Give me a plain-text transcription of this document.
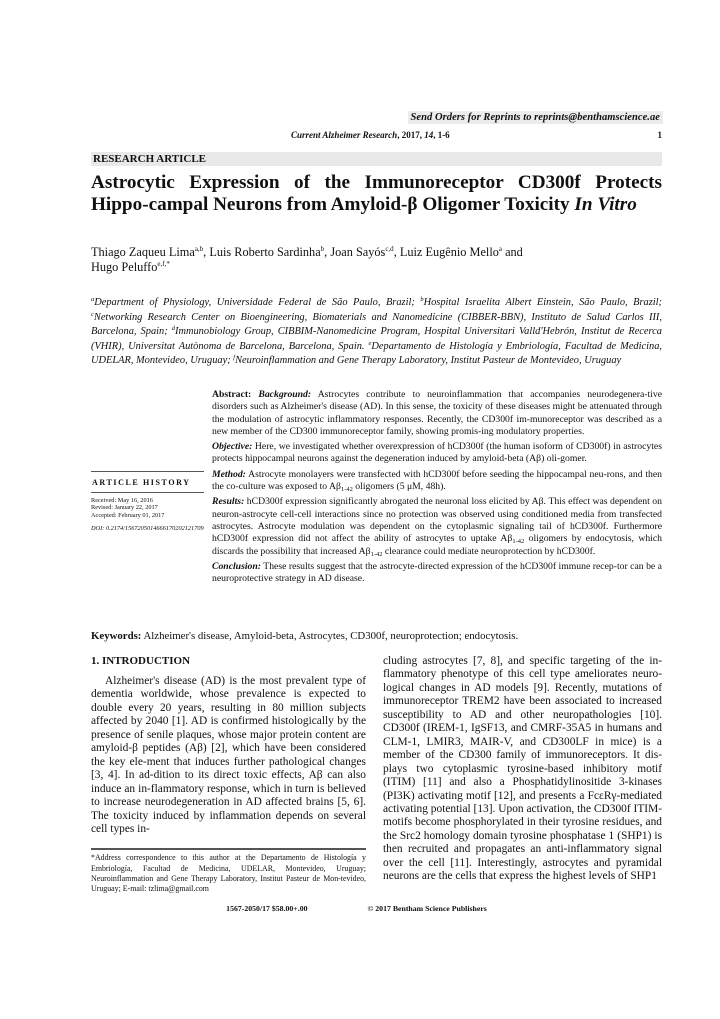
Send Orders for Reprints to reprints@benthamscience.ae
Current Alzheimer Research, 2017, 14, 1-6	1
RESEARCH ARTICLE
Astrocytic Expression of the Immunoreceptor CD300f Protects Hippo-campal Neurons from Amyloid-β Oligomer Toxicity In Vitro
Thiago Zaqueu Lima$^{a,b}$, Luis Roberto Sardinha$^b$, Joan Sayós$^{c,d}$, Luiz Eugênio Mello$^a$ and
Hugo Peluffo$^{e,f,*}$
$^a$Department of Physiology, Universidade Federal de São Paulo, Brazil; $^b$Hospital Israelita Albert Einstein, São Paulo, Brazil; $^c$Networking Research Center on Bioengineering, Biomaterials and Nanomedicine (CIBBER-BBN), Instituto de Salud Carlos III, Barcelona, Spain; $^d$Immunobiology Group, CIBBIM-Nanomedicine Program, Hospital Universitari Valld'Hebrón, Institut de Recerca (VHIR), Universitat Autònoma de Barcelona, Barcelona, Spain. $^e$Departamento de Histología y Embriología, Facultad de Medicina, UDELAR, Montevideo, Uruguay; $^f$Neuroinflammation and Gene Therapy Laboratory, Institut Pasteur de Montevideo, Uruguay
ARTICLE HISTORY
Received: May 16, 2016
Revised: January 22, 2017
Accepted: February 01, 2017
DOI: 0.2174/1567205014666170202121709

Abstract: Background: Astrocytes contribute to neuroinflammation that accompanies neurodegenera-tive disorders such as Alzheimer's disease (AD). In this sense, the toxicity of these diseases might be attenuated through the modulation of astrocytic inflammatory responses. Recently, the CD300f im-munoreceptor was described as a new member of the CD300 immunoreceptor family, showing promis-ing modulatory properties.

Objective: Here, we investigated whether overexpression of hCD300f (the human isoform of CD300f) in astrocytes protects hippocampal neurons against the degeneration induced by amyloid-beta (Aβ) oli-gomer.

Method: Astrocyte monolayers were transfected with hCD300f before seeding the hippocampal neu-rons, and then the co-culture was exposed to $A\beta_{1-42}$ oligomers (5 μM, 48h).

Results: hCD300f expression significantly abrogated the neuronal loss elicited by Aβ. This effect was dependent on neuron-astrocyte cell-cell interactions since no protection was observed using conditioned media from transfected astrocytes. Astrocyte modulation was dependent on the cytoplasmic signaling tail of hCD300f. Furthermore hCD300f expression did not affect the ability of astrocytes to uptake $A\beta_{1-42}$ oligomers by endocytosis, which discards the possibility that increased $A\beta_{1-42}$ clearance could mediate neuroprotection by hCD300f.

Conclusion: These results suggest that the astrocyte-directed expression of the hCD300f immune recep-tor can be a neuroprotective strategy in AD disease.

Keywords: Alzheimer's disease, Amyloid-beta, Astrocytes, CD300f, neuroprotection; endocytosis.
1. INTRODUCTION

Alzheimer's disease (AD) is the most prevalent type of dementia worldwide, whose prevalence is expected to double every 20 years, resulting in 80 million subjects affected by 2040 [1]. AD is confirmed histologically by the presence of senile plaques, whose major protein content are amyloid-β peptides (Aβ) [2], which have been considered the key ele-ment that induces further pathological changes [3, 4]. In ad-dition to its direct toxic effects, Aβ can also induce an in-flammatory response, which in turn is believed to increase neurodegeneration in AD affected brains [5, 6]. The toxicity induced by inflammation depends on several cell types in-

*Address correspondence to this author at the Departamento de Histología y Embriología, Facultad de Medicina, UDELAR, Montevideo, Uruguay; Neuroinflammation and Gene Therapy Laboratory, Institut Pasteur de Mon-tevideo, Uruguay; E-mail: tzlima@gmail.com

cluding astrocytes [7, 8], and specific targeting of the in-flammatory phenotype of this cell type ameliorates neuro-logical changes in AD models [9]. Recently, mutations of immunoreceptor TREM2 have been associated to increased susceptibility to AD and other neuropathologies [10]. CD300f (IREM-1, IgSF13, and CMRF-35A5 in humans and CLM-1, LMIR3, MAIR-V, and CD300LF in mice) is a member of the CD300 family of immunoreceptors. It dis-plays two cytoplasmic tyrosine-based inhibitory motif (ITIM) [11] and also a Phosphatidylinositide 3-kinases (PI3K) activating motif [12], and presents a FcεRγ-mediated activating potential [13]. Upon activation, the CD300f ITIM-motifs become phosphorylated in their tyrosine residues, and the Src2 homology domain tyrosine phosphatase 1 (SHP1) is then recruited and propagates an anti-inflammatory signal over the cell [11]. Interestingly, astrocytes and pyramidal neurons are the cells that express the highest levels of SHP1

1567-2050/17 $58.00+.00	© 2017 Bentham Science Publishers
